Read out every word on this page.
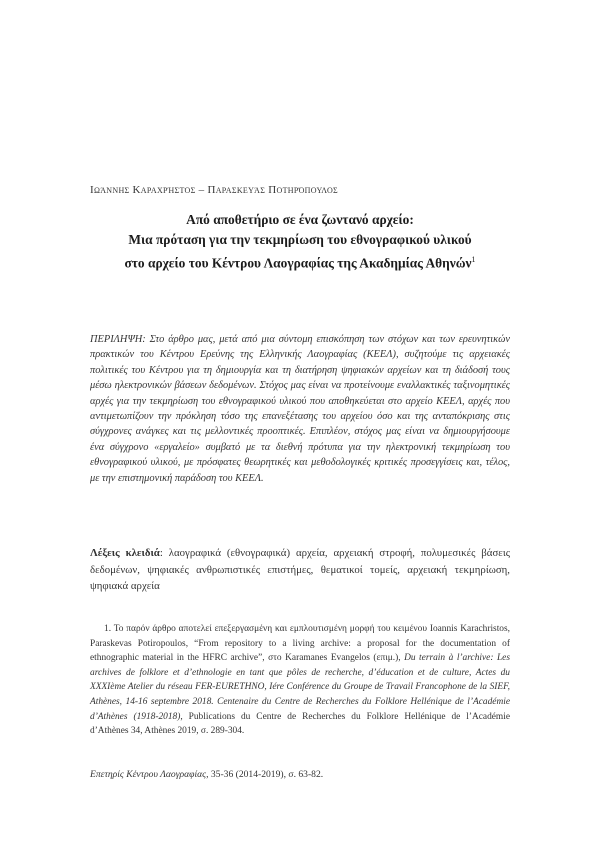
Ιωάννης Καραχρήστος – Παρασκευάς Ποτηρόπουλος
Από αποθετήριο σε ένα ζωντανό αρχείο:
Μια πρόταση για την τεκμηρίωση του εθνογραφικού υλικού
στο αρχείο του Κέντρου Λαογραφίας της Ακαδημίας Αθηνών$^1$
ΠΕΡΙΛΗΨΗ: Στο άρθρο μας, μετά από μια σύντομη επισκόπηση των στόχων και των ερευνητικών πρακτικών του Κέντρου Ερεύνης της Ελληνικής Λαογραφίας (ΚΕΕΛ), συζητούμε τις αρχειακές πολιτικές του Κέντρου για τη δημιουργία και τη διατήρηση ψηφιακών αρχείων και τη διάδοσή τους μέσω ηλεκτρονικών βάσεων δεδομένων. Στόχος μας είναι να προτείνουμε εναλλακτικές ταξινομητικές αρχές για την τεκμηρίωση του εθνογραφικού υλικού που αποθηκεύεται στο αρχείο ΚΕΕΛ, αρχές που αντιμετωπίζουν την πρόκληση τόσο της επανεξέτασης του αρχείου όσο και της ανταπόκρισης στις σύγχρονες ανάγκες και τις μελλοντικές προοπτικές. Επιπλέον, στόχος μας είναι να δημιουργήσουμε ένα σύγχρονο «εργαλείο» συμβατό με τα διεθνή πρότυπα για την ηλεκτρονική τεκμηρίωση του εθνογραφικού υλικού, με πρόσφατες θεωρητικές και μεθοδολογικές κριτικές προσεγγίσεις και, τέλος, με την επιστημονική παράδοση του ΚΕΕΛ.
Λέξεις κλειδιά: λαογραφικά (εθνογραφικά) αρχεία, αρχειακή στροφή, πολυμεσικές βάσεις δεδομένων, ψηφιακές ανθρωπιστικές επιστήμες, θεματικοί τομείς, αρχειακή τεκμηρίωση, ψηφιακά αρχεία
1. Το παρόν άρθρο αποτελεί επεξεργασμένη και εμπλουτισμένη μορφή του κειμένου Ioannis Karachristos, Paraskevas Potiropoulos, “From repository to a living archive: a proposal for the documentation of ethnographic material in the HFRC archive”, στο Karamanes Evangelos (επιμ.), Du terrain à l’archive: Les archives de folklore et d’ethnologie en tant que pôles de recherche, d’éducation et de culture, Actes du XXXIème Atelier du réseau FER-EURETHNO, Iére Conférence du Groupe de Travail Francophone de la SIEF, Athènes, 14-16 septembre 2018. Centenaire du Centre de Recherches du Folklore Hellénique de l’Académie d’Athènes (1918-2018), Publications du Centre de Recherches du Folklore Hellénique de l’Académie d’Athènes 34, Athènes 2019, σ. 289-304.
Επετηρίς Κέντρου Λαογραφίας, 35-36 (2014-2019), σ. 63-82.
